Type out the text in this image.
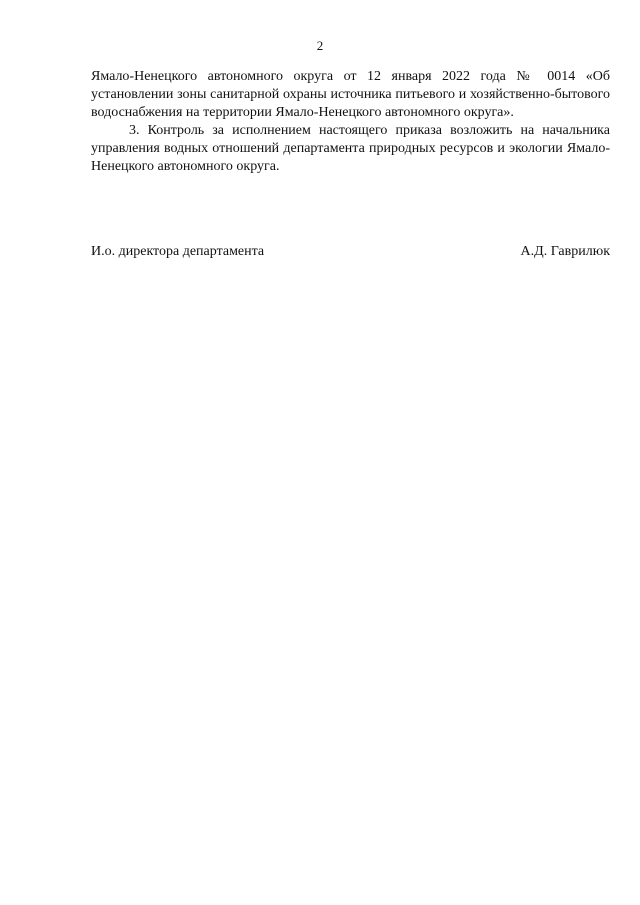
2

Ямало-Ненецкого автономного округа от 12 января 2022 года № 0014 «Об установлении зоны санитарной охраны источника питьевого и хозяйственно-бытового водоснабжения на территории Ямало-Ненецкого автономного округа».

3. Контроль за исполнением настоящего приказа возложить на начальника управления водных отношений департамента природных ресурсов и экологии Ямало-Ненецкого автономного округа.

И.о. директора департамента	А.Д. Гаврилюк
